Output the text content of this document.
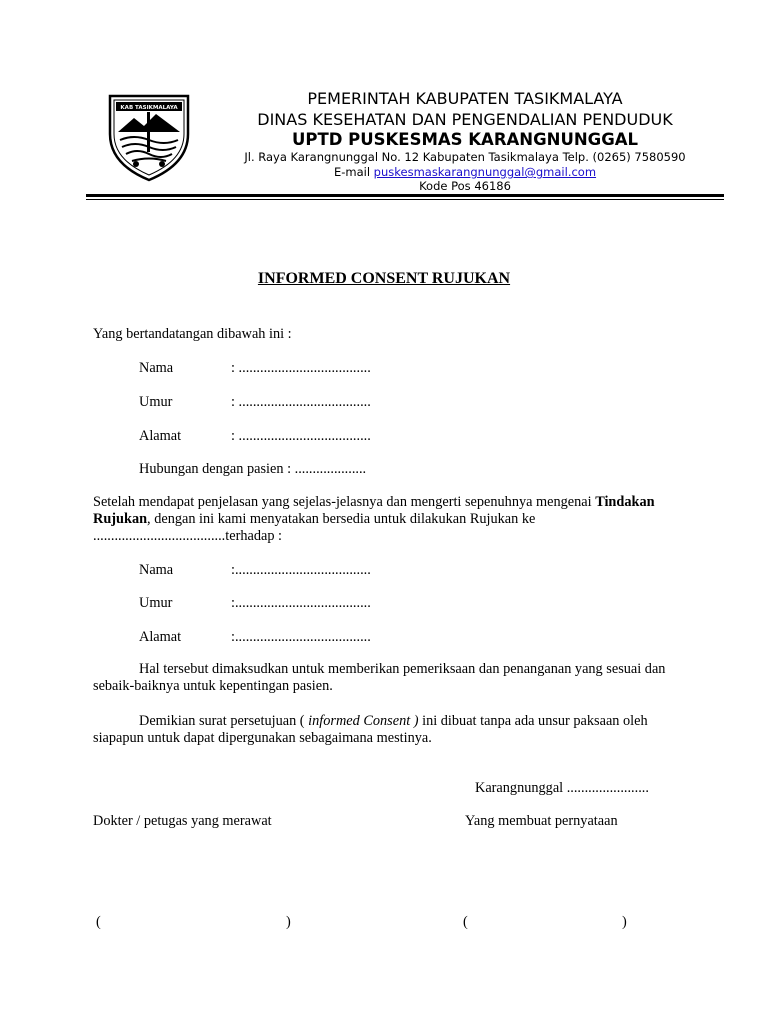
KAB TASIKMALAYA	PEMERINTAH KABUPATEN TASIKMALAYA
DINAS KESEHATAN DAN PENGENDALIAN PENDUDUK
UPTD PUSKESMAS KARANGNUNGGAL
Jl. Raya Karangnunggal No. 12 Kabupaten Tasikmalaya Telp. (0265) 7580590
E-mail puskesmaskarangnunggal@gmail.com
Kode Pos 46186
INFORMED CONSENT RUJUKAN
Yang bertandatangan dibawah ini :
Nama	: .....................................
Umur	: .....................................
Alamat	: .....................................
Hubungan dengan pasien : ....................
Setelah mendapat penjelasan yang sejelas-jelasnya dan mengerti sepenuhnya mengenai Tindakan Rujukan, dengan ini kami menyatakan bersedia untuk dilakukan Rujukan ke .....................................terhadap :
Nama	:......................................
Umur	:......................................
Alamat	:......................................
Hal tersebut dimaksudkan untuk memberikan pemeriksaan dan penanganan yang sesuai dan sebaik-baiknya untuk kepentingan pasien.
Demikian surat persetujuan ( informed Consent ) ini dibuat tanpa ada unsur paksaan oleh siapapun untuk dapat dipergunakan sebagaimana mestinya.
Karangnunggal .......................
Dokter / petugas yang merawat	Yang membuat pernyataan
(	)	(	)
